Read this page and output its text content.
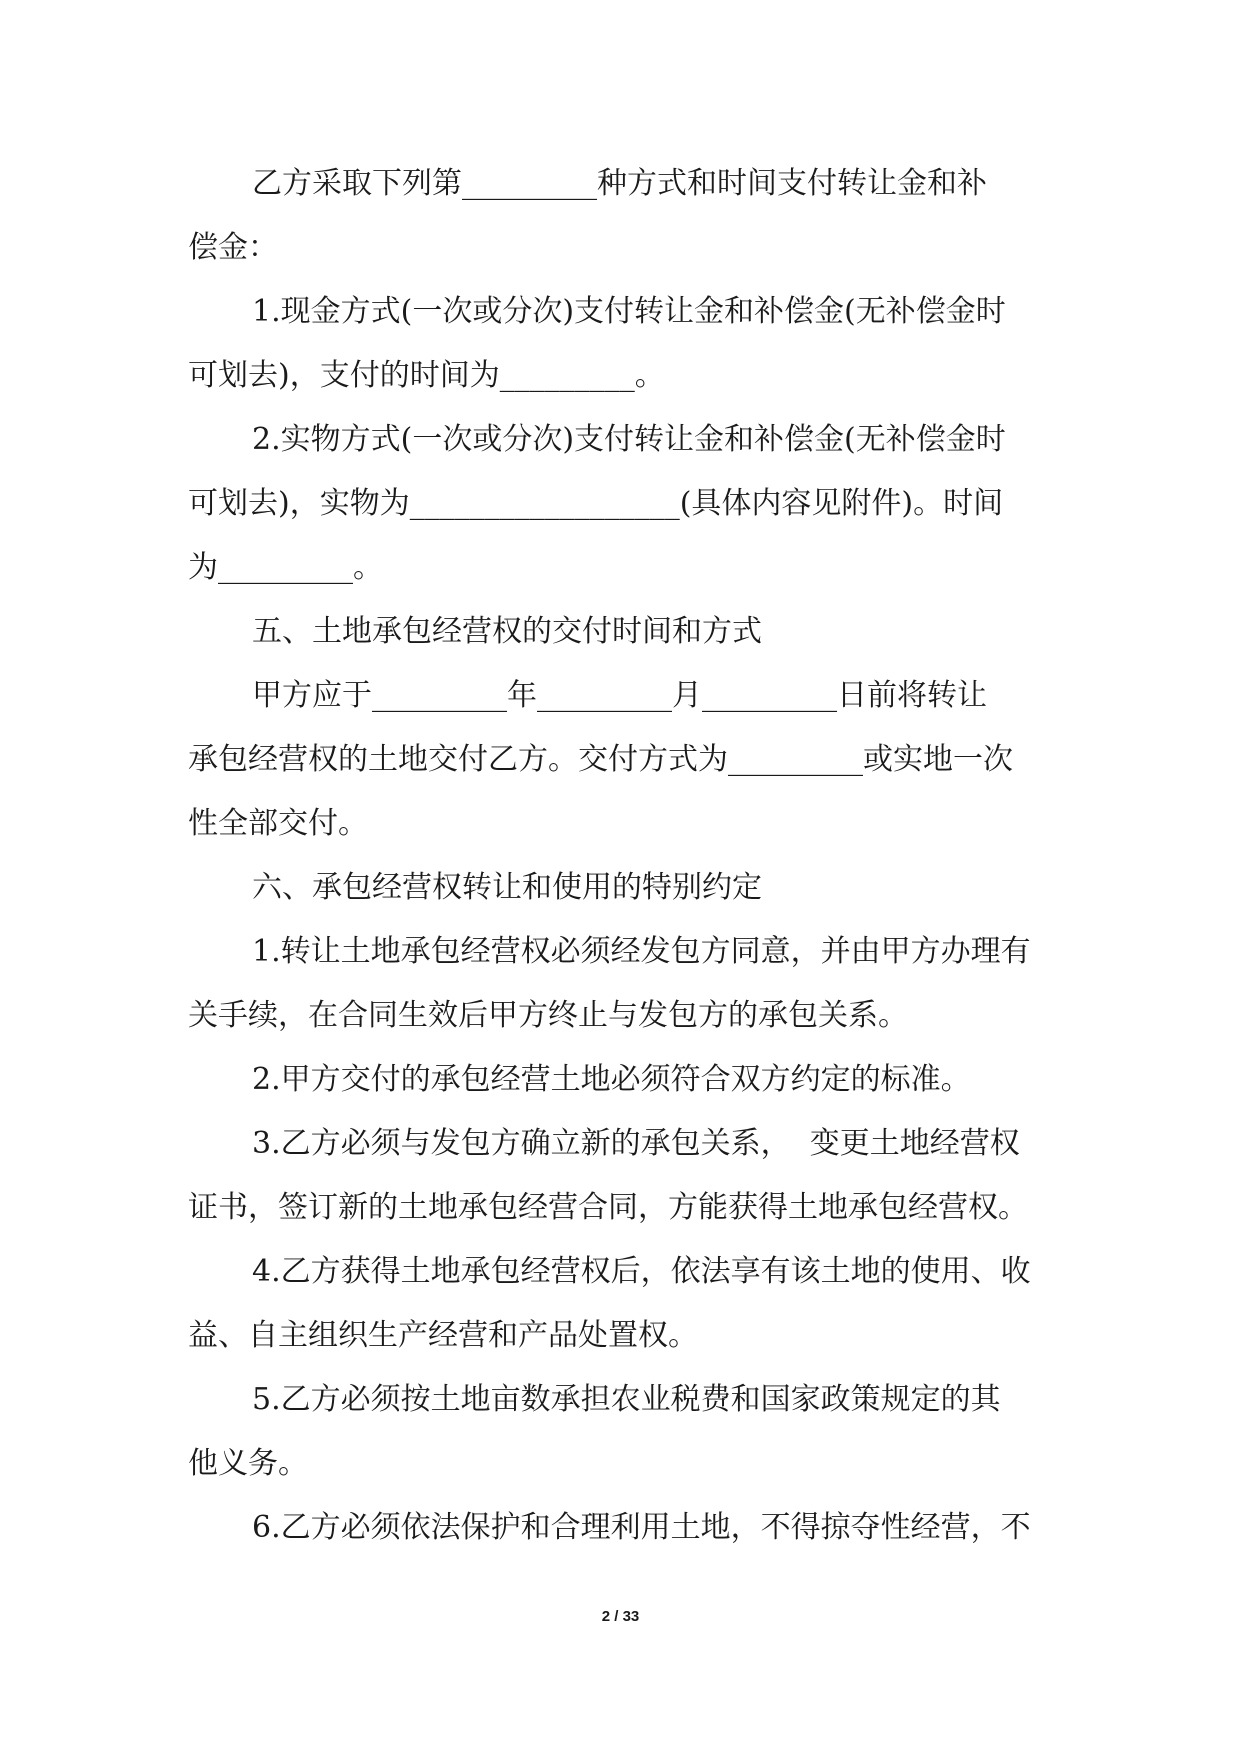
乙方采取下列第_________种方式和时间支付转让金和补
偿金：
1.现金方式(一次或分次)支付转让金和补偿金(无补偿金时
可划去)，支付的时间为_________。
2.实物方式(一次或分次)支付转让金和补偿金(无补偿金时
可划去)，实物为__________________(具体内容见附件)。时间
为_________。
五、土地承包经营权的交付时间和方式
甲方应于_________年_________月_________日前将转让
承包经营权的土地交付乙方。交付方式为_________或实地一次
性全部交付。
六、承包经营权转让和使用的特别约定
1.转让土地承包经营权必须经发包方同意，并由甲方办理有
关手续，在合同生效后甲方终止与发包方的承包关系。
2.甲方交付的承包经营土地必须符合双方约定的标准。
3.乙方必须与发包方确立新的承包关系，  变更土地经营权
证书，签订新的土地承包经营合同，方能获得土地承包经营权。
4.乙方获得土地承包经营权后，依法享有该土地的使用、收
益、自主组织生产经营和产品处置权。
5.乙方必须按土地亩数承担农业税费和国家政策规定的其
他义务。
6.乙方必须依法保护和合理利用土地，不得掠夺性经营，不
2 / 33
